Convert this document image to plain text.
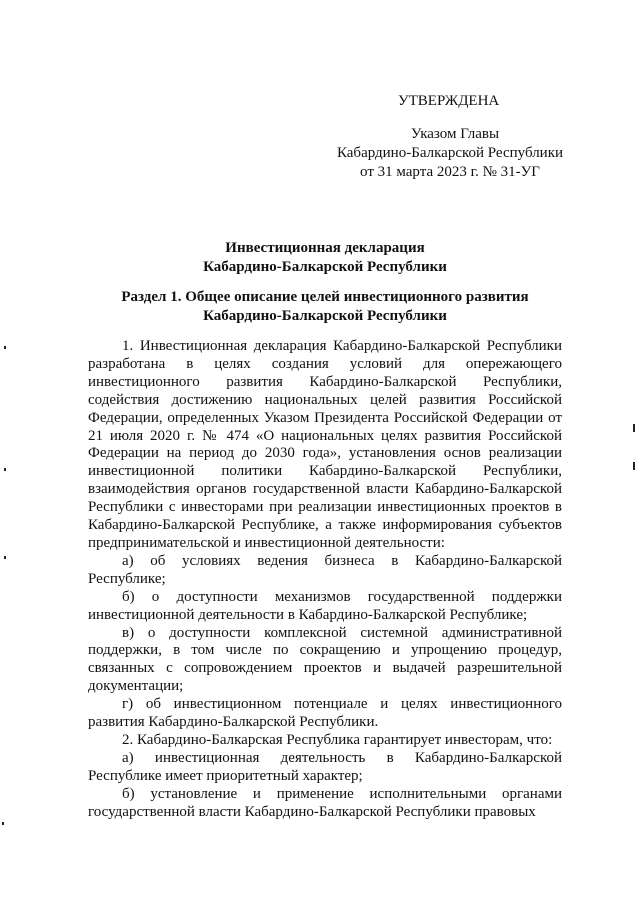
УТВЕРЖДЕНА
Указом Главы
Кабардино-Балкарской Республики
от 31 марта 2023 г. № 31-УГ
Инвестиционная декларация
Кабардино-Балкарской Республики
Раздел 1. Общее описание целей инвестиционного развития
Кабардино-Балкарской Республики

1. Инвестиционная декларация Кабардино-Балкарской Республики разработана в целях создания условий для опережающего инвестиционного развития Кабардино-Балкарской Республики, содействия достижению национальных целей развития Российской Федерации, определенных Указом Президента Российской Федерации от 21 июля 2020 г. № 474 «О национальных целях развития Российской Федерации на период до 2030 года», установления основ реализации инвестиционной политики Кабардино-Балкарской Республики, взаимодействия органов государственной власти Кабардино-Балкарской Республики с инвесторами при реализации инвестиционных проектов в Кабардино-Балкарской Республике, а также информирования субъектов предпринимательской и инвестиционной деятельности:

а) об условиях ведения бизнеса в Кабардино-Балкарской Республике;

б) о доступности механизмов государственной поддержки инвестиционной деятельности в Кабардино-Балкарской Республике;

в) о доступности комплексной системной административной поддержки, в том числе по сокращению и упрощению процедур, связанных с сопровождением проектов и выдачей разрешительной документации;

г) об инвестиционном потенциале и целях инвестиционного развития Кабардино-Балкарской Республики.

2. Кабардино-Балкарская Республика гарантирует инвесторам, что:

а) инвестиционная деятельность в Кабардино-Балкарской Республике имеет приоритетный характер;

б) установление и применение исполнительными органами государственной власти Кабардино-Балкарской Республики правовых
